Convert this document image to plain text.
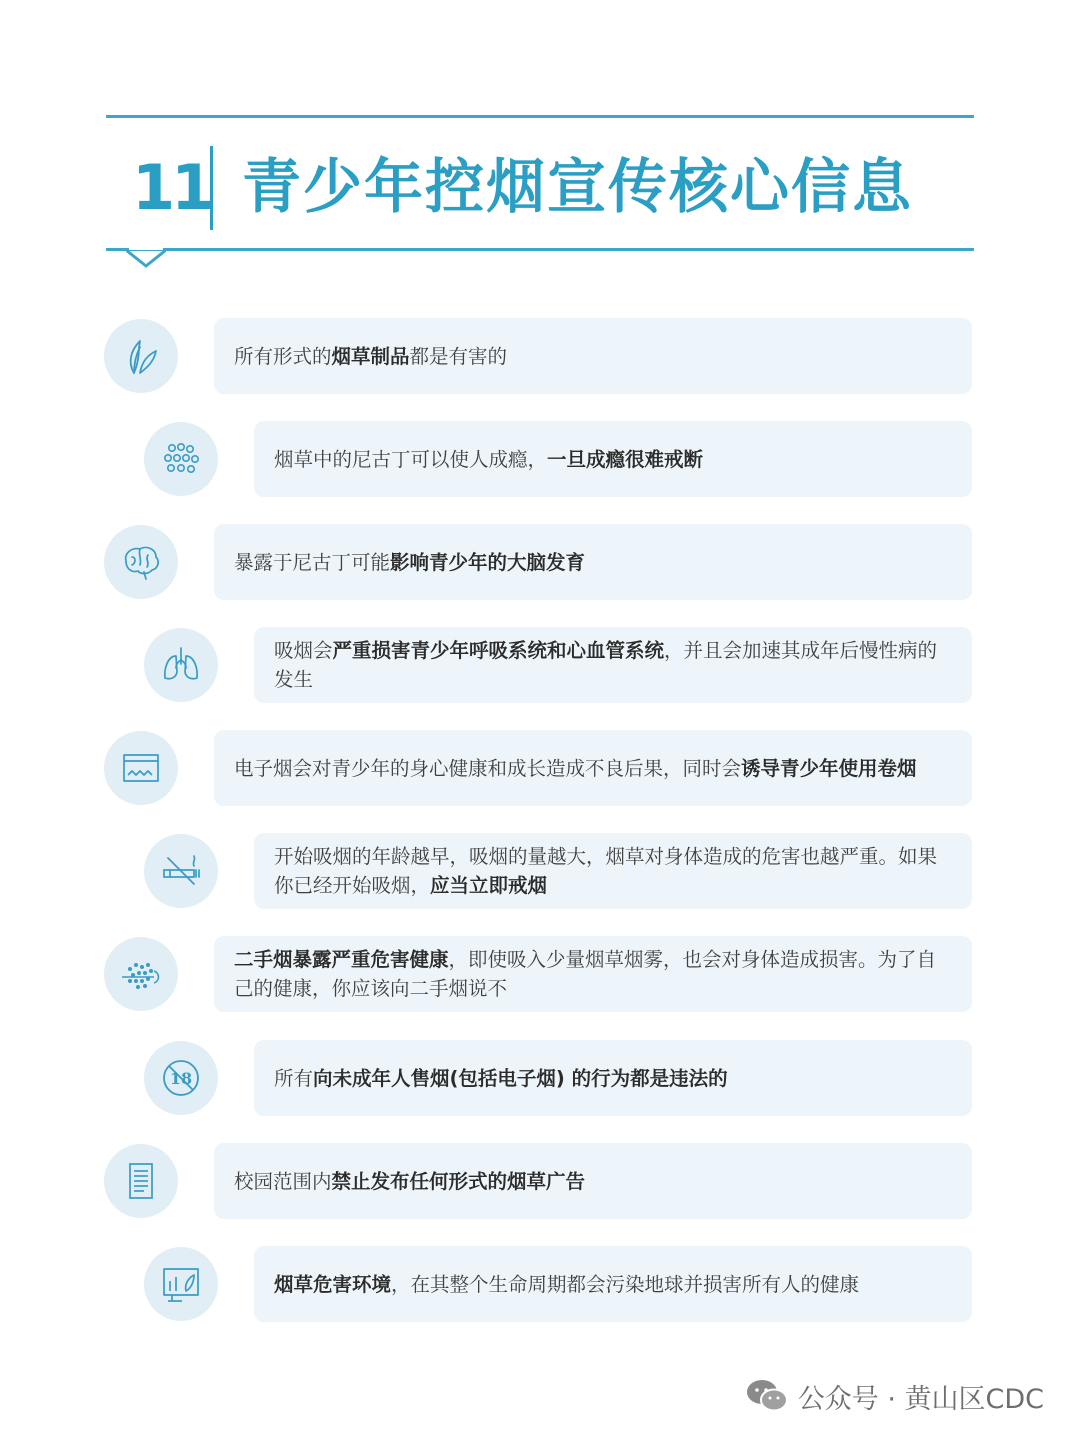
11 青少年控烟宣传核心信息
所有形式的烟草制品都是有害的
烟草中的尼古丁可以使人成瘾，一旦成瘾很难戒断
暴露于尼古丁可能影响青少年的大脑发育
吸烟会严重损害青少年呼吸系统和心血管系统，并且会加速其成年后慢性病的发生
电子烟会对青少年的身心健康和成长造成不良后果，同时会诱导青少年使用卷烟
开始吸烟的年龄越早，吸烟的量越大，烟草对身体造成的危害也越严重。如果你已经开始吸烟，应当立即戒烟
二手烟暴露严重危害健康，即使吸入少量烟草烟雾，也会对身体造成损害。为了自己的健康，你应该向二手烟说不
所有向未成年人售烟(包括电子烟) 的行为都是违法的
18
校园范围内禁止发布任何形式的烟草广告
烟草危害环境，在其整个生命周期都会污染地球并损害所有人的健康
公众号 · 黄山区CDC
